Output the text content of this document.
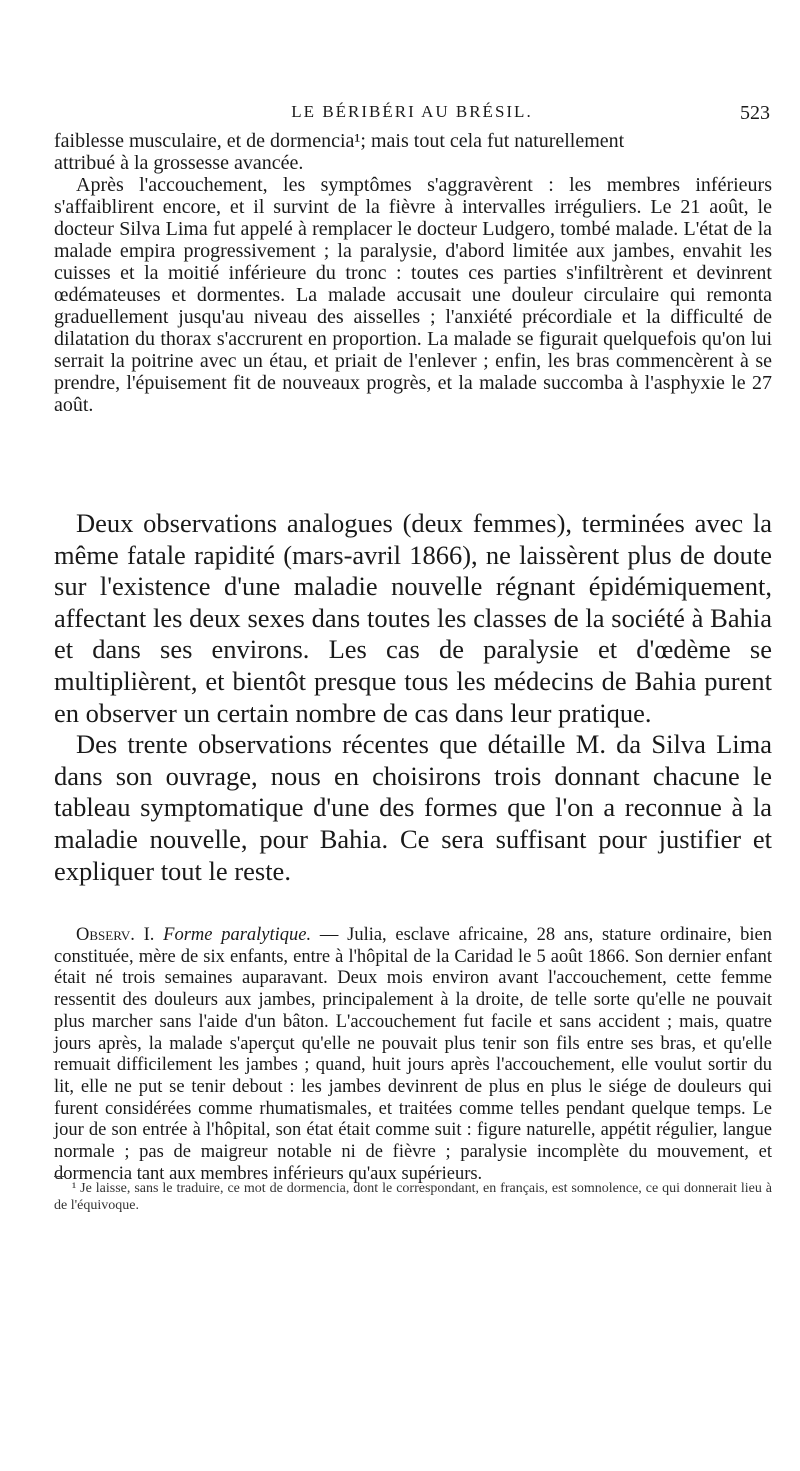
LE BÉRIBÉRI AU BRÉSIL.	523

faiblesse musculaire, et de dormencia¹; mais tout cela fut naturellement
attribué à la grossesse avancée.

Après l'accouchement, les symptômes s'aggravèrent : les membres inférieurs s'affaiblirent encore, et il survint de la fièvre à intervalles irréguliers. Le 21 août, le docteur Silva Lima fut appelé à remplacer le docteur Ludgero, tombé malade. L'état de la malade empira progressivement ; la paralysie, d'abord limitée aux jambes, envahit les cuisses et la moitié inférieure du tronc : toutes ces parties s'infiltrèrent et devinrent œdémateuses et dormentes. La malade accusait une douleur circulaire qui remonta graduellement jusqu'au niveau des aisselles ; l'anxiété précordiale et la difficulté de dilatation du thorax s'accrurent en proportion. La malade se figurait quelquefois qu'on lui serrait la poitrine avec un étau, et priait de l'enlever ; enfin, les bras commencèrent à se prendre, l'épuisement fit de nouveaux progrès, et la malade succomba à l'asphyxie le 27 août.

Deux observations analogues (deux femmes), terminées avec la même fatale rapidité (mars-avril 1866), ne laissèrent plus de doute sur l'existence d'une maladie nouvelle régnant épidémiquement, affectant les deux sexes dans toutes les classes de la société à Bahia et dans ses environs. Les cas de paralysie et d'œdème se multiplièrent, et bientôt presque tous les médecins de Bahia purent en observer un certain nombre de cas dans leur pratique.

Des trente observations récentes que détaille M. da Silva Lima dans son ouvrage, nous en choisirons trois donnant chacune le tableau symptomatique d'une des formes que l'on a reconnue à la maladie nouvelle, pour Bahia. Ce sera suffisant pour justifier et expliquer tout le reste.

Observ. I. Forme paralytique. — Julia, esclave africaine, 28 ans, stature ordinaire, bien constituée, mère de six enfants, entre à l'hôpital de la Caridad le 5 août 1866. Son dernier enfant était né trois semaines auparavant. Deux mois environ avant l'accouchement, cette femme ressentit des douleurs aux jambes, principalement à la droite, de telle sorte qu'elle ne pouvait plus marcher sans l'aide d'un bâton. L'accouchement fut facile et sans accident ; mais, quatre jours après, la malade s'aperçut qu'elle ne pouvait plus tenir son fils entre ses bras, et qu'elle remuait difficilement les jambes ; quand, huit jours après l'accouchement, elle voulut sortir du lit, elle ne put se tenir debout : les jambes devinrent de plus en plus le siége de douleurs qui furent considérées comme rhumatismales, et traitées comme telles pendant quelque temps. Le jour de son entrée à l'hôpital, son état était comme suit : figure naturelle, appétit régulier, langue normale ; pas de maigreur notable ni de fièvre ; paralysie incomplète du mouvement, et dormencia tant aux membres inférieurs qu'aux supérieurs.

¹ Je laisse, sans le traduire, ce mot de dormencia, dont le correspondant, en français, est somnolence, ce qui donnerait lieu à de l'équivoque.
